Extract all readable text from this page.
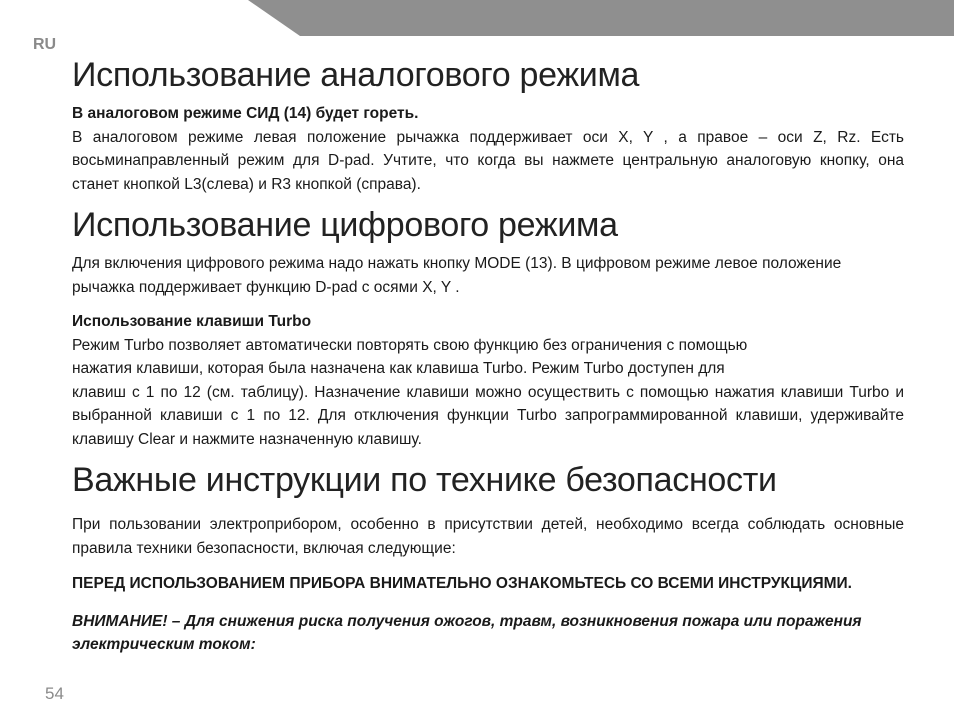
RU
Использование аналогового режима

В аналоговом режиме СИД (14) будет гореть.

В аналоговом режиме левая положение рычажка поддерживает оси X, Y , а правое – оси Z, Rz. Есть восьминаправленный режим для D-pad. Учтите, что когда вы нажмете центральную аналоговую кнопку, она станет кнопкой L3(слева) и R3 кнопкой (справа).

Использование цифрового режима

Для включения цифрового режима надо нажать кнопку MODE (13). В цифровом режиме левое положение рычажка поддерживает функцию D-pad с осями X, Y .

Использование клавиши Turbo

Режим Turbo позволяет автоматически повторять свою функцию без ограничения с помощью

нажатия клавиши, которая была назначена как клавиша Turbo. Режим Turbo доступен для

клавиш с 1 по 12 (см. таблицу). Назначение клавиши можно осуществить с помощью нажатия клавиши Turbo и выбранной клавиши с 1 по 12. Для отключения функции Turbo запрограммированной клавиши, удерживайте клавишу Clear и нажмите назначенную клавишу.

Важные инструкции по технике безопасности

При пользовании электроприбором, особенно в присутствии детей, необходимо всегда соблюдать основные правила техники безопасности, включая следующие:

ПЕРЕД ИСПОЛЬЗОВАНИЕМ ПРИБОРА ВНИМАТЕЛЬНО ОЗНАКОМЬТЕСЬ СО ВСЕМИ ИНСТРУКЦИЯМИ.

ВНИМАНИЕ! – Для снижения риска получения ожогов, травм, возникновения пожара или поражения электрическим током:

54
